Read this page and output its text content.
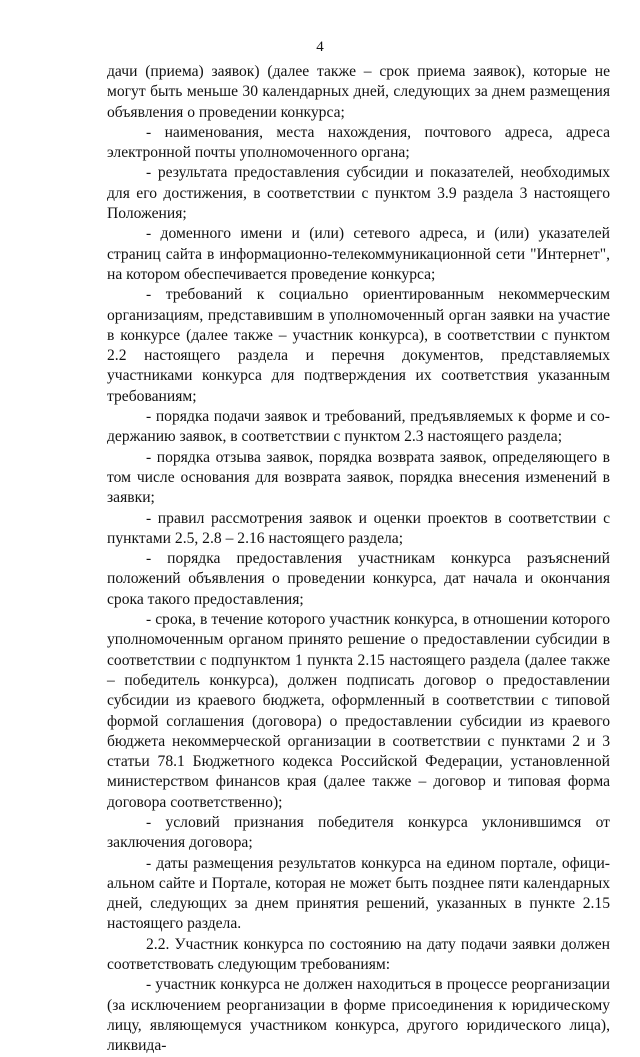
4

дачи (приема) заявок) (далее также – срок приема заявок), которые не могут быть меньше 30 календарных дней, следующих за днем размещения объявления о проведении конкурса;

- наименования, места нахождения, почтового адреса, адреса электронной почты уполномоченного органа;

- результата предоставления субсидии и показателей, необходимых для его достижения, в соответствии с пунктом 3.9 раздела 3 настоящего Положения;

- доменного имени и (или) сетевого адреса, и (или) указателей страниц сайта в информационно-телекоммуникационной сети "Интернет", на котором обеспечивается проведение конкурса;

- требований к социально ориентированным некоммерческим организациям, представившим в уполномоченный орган заявки на участие в конкурсе (далее также – участник конкурса), в соответствии с пунктом 2.2 настоящего раздела и перечня документов, представляемых участниками конкурса для подтверждения их соответствия указанным требованиям;

- порядка подачи заявок и требований, предъявляемых к форме и содержанию заявок, в соответствии с пунктом 2.3 настоящего раздела;

- порядка отзыва заявок, порядка возврата заявок, определяющего в том числе основания для возврата заявок, порядка внесения изменений в заявки;

- правил рассмотрения заявок и оценки проектов в соответствии с пунктами 2.5, 2.8 – 2.16 настоящего раздела;

- порядка предоставления участникам конкурса разъяснений положений объявления о проведении конкурса, дат начала и окончания срока такого предоставления;

- срока, в течение которого участник конкурса, в отношении которого уполномоченным органом принято решение о предоставлении субсидии в соответствии с подпунктом 1 пункта 2.15 настоящего раздела (далее также – победитель конкурса), должен подписать договор о предоставлении субсидии из краевого бюджета, оформленный в соответствии с типовой формой соглашения (договора) о предоставлении субсидии из краевого бюджета некоммерческой организации в соответствии с пунктами 2 и 3 статьи 78.1 Бюджетного кодекса Российской Федерации, установленной министерством финансов края (далее также – договор и типовая форма договора соответственно);

- условий признания победителя конкурса уклонившимся от заключения договора;

- даты размещения результатов конкурса на едином портале, официальном сайте и Портале, которая не может быть позднее пяти календарных дней, следующих за днем принятия решений, указанных в пункте 2.15 настоящего раздела.

2.2. Участник конкурса по состоянию на дату подачи заявки должен соответствовать следующим требованиям:

- участник конкурса не должен находиться в процессе реорганизации (за исключением реорганизации в форме присоединения к юридическому лицу, являющемуся участником конкурса, другого юридического лица), ликвида-
